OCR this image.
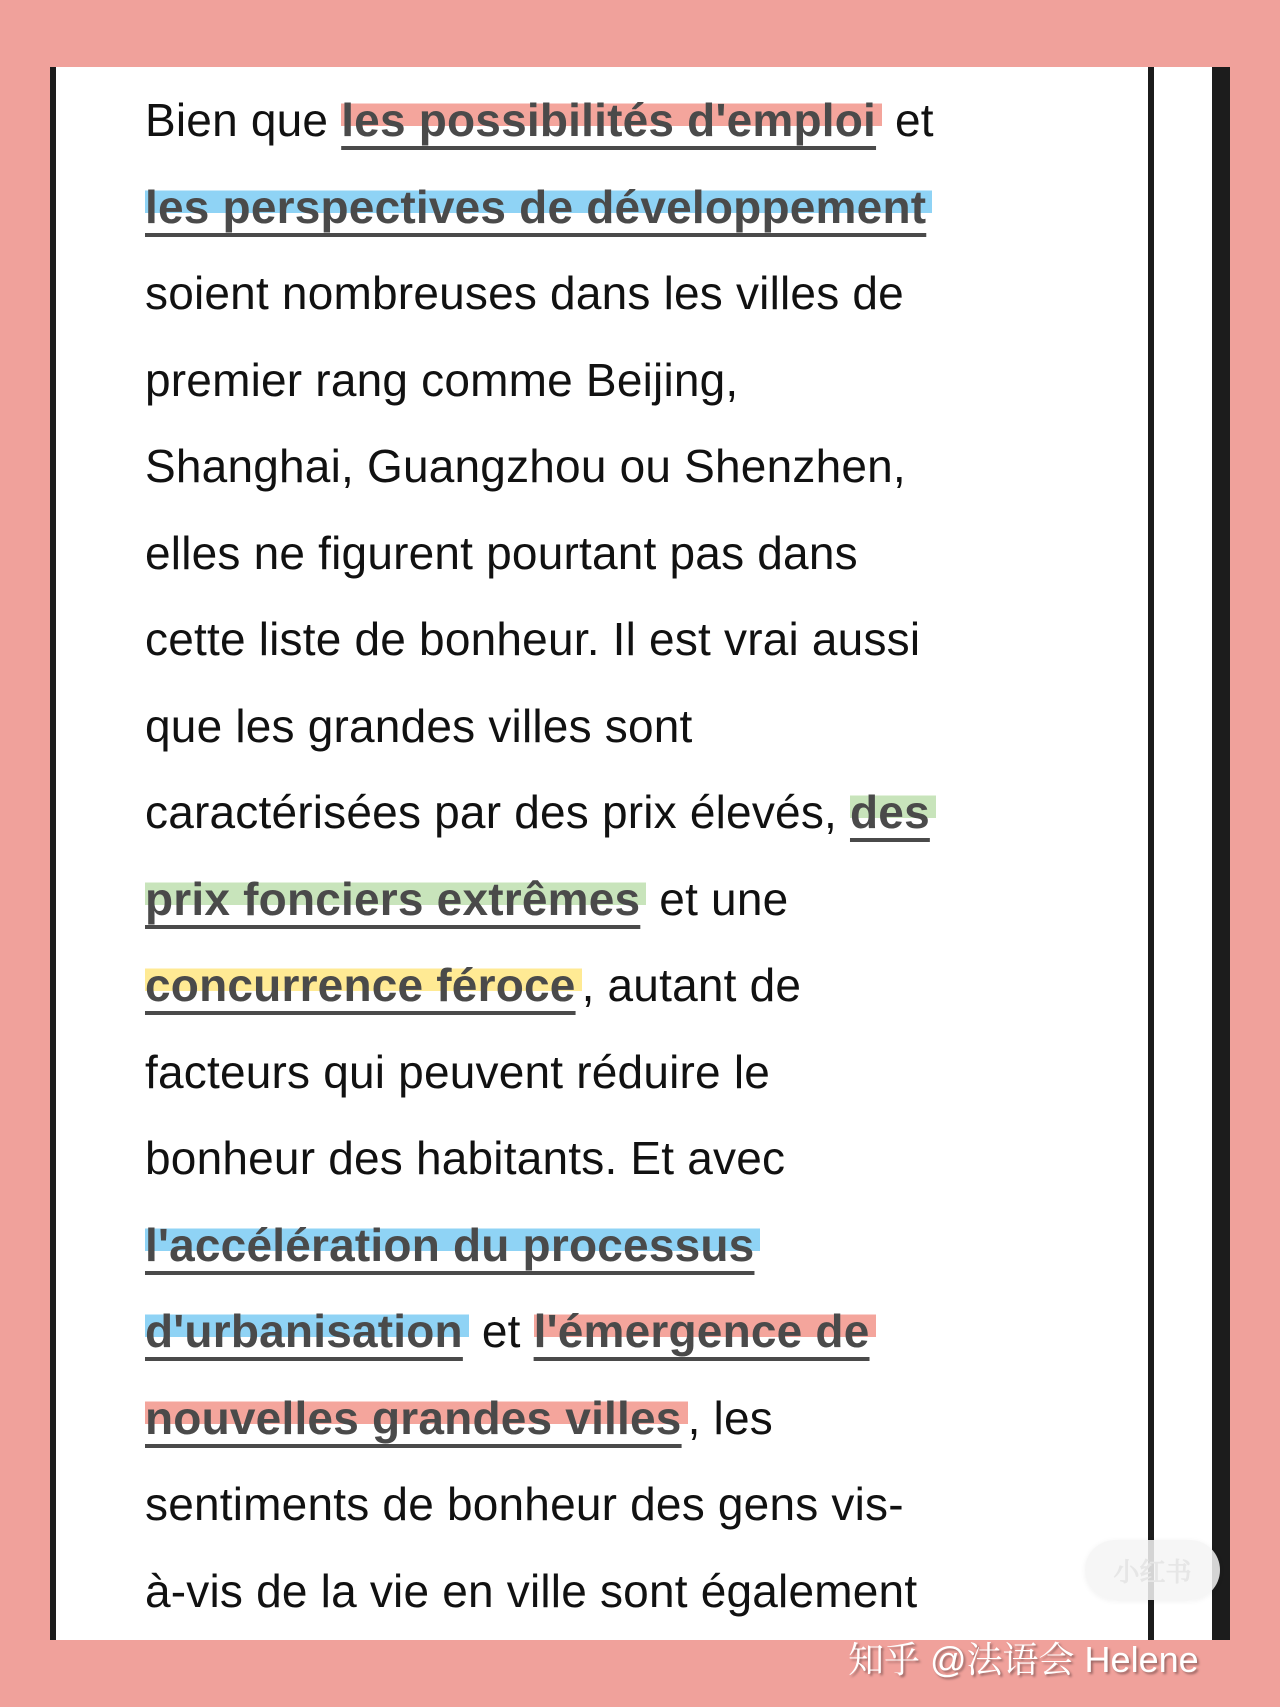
Bien que les possibilités d'emploi et
les perspectives de développement
soient nombreuses dans les villes de
premier rang comme Beijing,
Shanghai, Guangzhou ou Shenzhen,
elles ne figurent pourtant pas dans
cette liste de bonheur. Il est vrai aussi
que les grandes villes sont
caractérisées par des prix élevés, des
prix fonciers extrêmes et une
concurrence féroce , autant de
facteurs qui peuvent réduire le
bonheur des habitants. Et avec
l'accélération du processus
d'urbanisation et l'émergence de
nouvelles grandes villes , les
sentiments de bonheur des gens vis-
à-vis de la vie en ville sont également	小红书
知乎 @法语会 Helene
